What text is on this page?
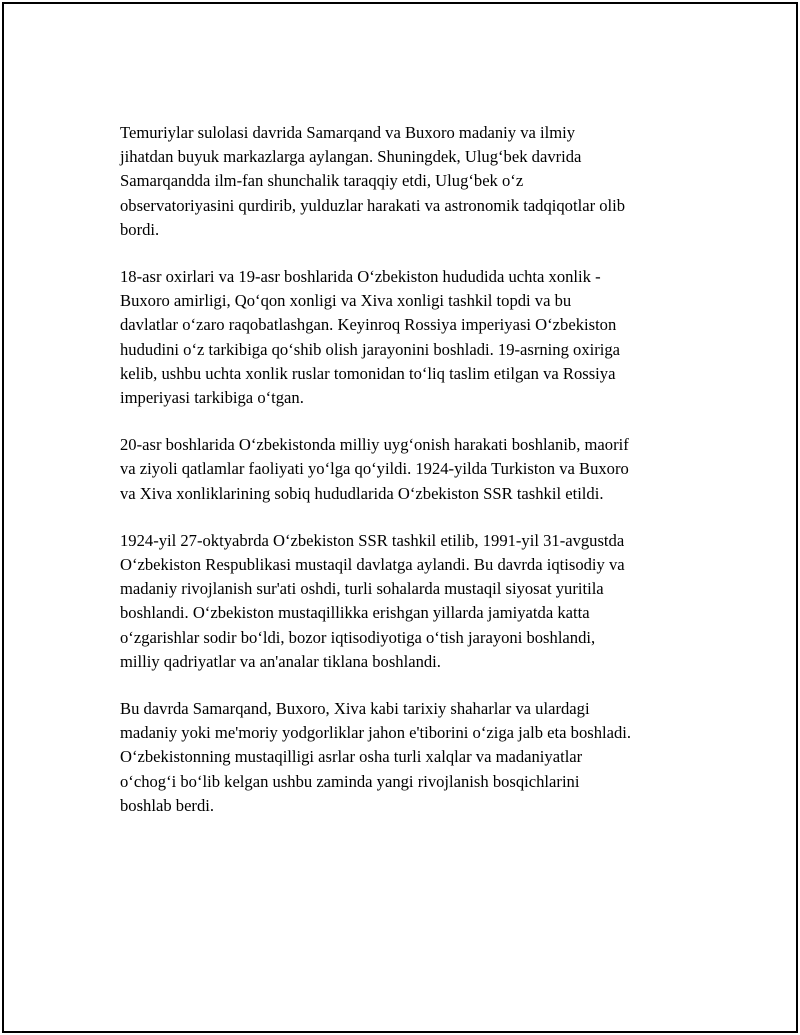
Temuriylar sulolasi davrida Samarqand va Buxoro madaniy va ilmiy
jihatdan buyuk markazlarga aylangan. Shuningdek, Ulug‘bek davrida
Samarqandda ilm-fan shunchalik taraqqiy etdi, Ulug‘bek o‘z
observatoriyasini qurdirib, yulduzlar harakati va astronomik tadqiqotlar olib
bordi.

18-asr oxirlari va 19-asr boshlarida O‘zbekiston hududida uchta xonlik -
Buxoro amirligi, Qo‘qon xonligi va Xiva xonligi tashkil topdi va bu
davlatlar o‘zaro raqobatlashgan. Keyinroq Rossiya imperiyasi O‘zbekiston
hududini o‘z tarkibiga qo‘shib olish jarayonini boshladi. 19-asrning oxiriga
kelib, ushbu uchta xonlik ruslar tomonidan to‘liq taslim etilgan va Rossiya
imperiyasi tarkibiga o‘tgan.

20-asr boshlarida O‘zbekistonda milliy uyg‘onish harakati boshlanib, maorif
va ziyoli qatlamlar faoliyati yo‘lga qo‘yildi. 1924-yilda Turkiston va Buxoro
va Xiva xonliklarining sobiq hududlarida O‘zbekiston SSR tashkil etildi.

1924-yil 27-oktyabrda O‘zbekiston SSR tashkil etilib, 1991-yil 31-avgustda
O‘zbekiston Respublikasi mustaqil davlatga aylandi. Bu davrda iqtisodiy va
madaniy rivojlanish sur'ati oshdi, turli sohalarda mustaqil siyosat yuritila
boshlandi. O‘zbekiston mustaqillikka erishgan yillarda jamiyatda katta
o‘zgarishlar sodir bo‘ldi, bozor iqtisodiyotiga o‘tish jarayoni boshlandi,
milliy qadriyatlar va an'analar tiklana boshlandi.

Bu davrda Samarqand, Buxoro, Xiva kabi tarixiy shaharlar va ulardagi
madaniy yoki me'moriy yodgorliklar jahon e'tiborini o‘ziga jalb eta boshladi.
O‘zbekistonning mustaqilligi asrlar osha turli xalqlar va madaniyatlar
o‘chog‘i bo‘lib kelgan ushbu zaminda yangi rivojlanish bosqichlarini
boshlab berdi.
